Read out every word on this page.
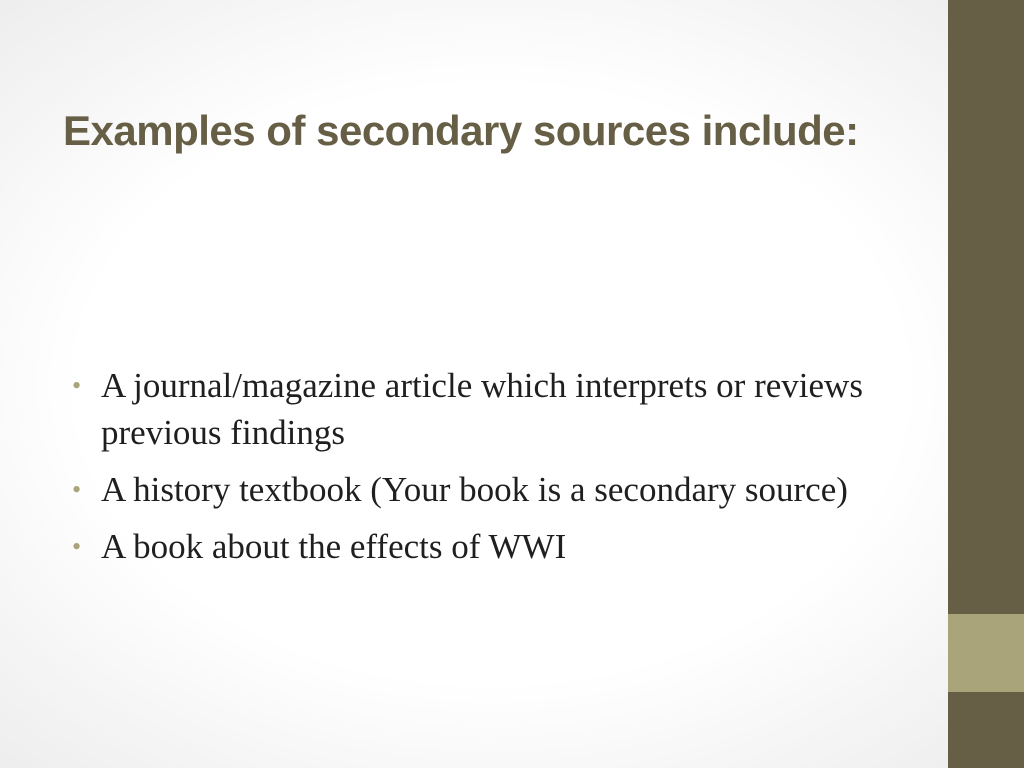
Examples of secondary sources include:
• A journal/magazine article which interprets or reviews previous findings
• A history textbook (Your book is a secondary source)
• A book about the effects of WWI
